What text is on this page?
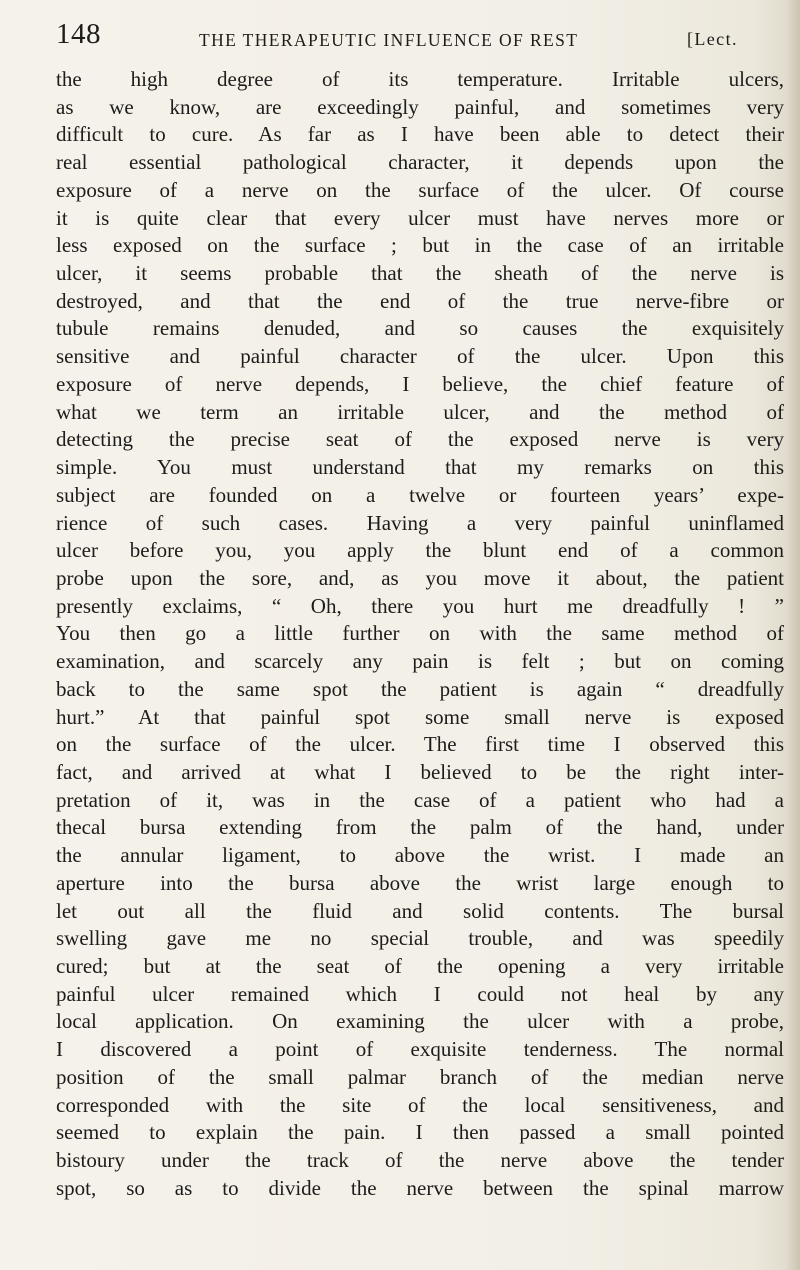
148	THE THERAPEUTIC INFLUENCE OF REST	[Lect.
the high degree of its temperature. Irritable ulcers,
as we know, are exceedingly painful, and sometimes very
difficult to cure. As far as I have been able to detect their
real essential pathological character, it depends upon the
exposure of a nerve on the surface of the ulcer. Of course
it is quite clear that every ulcer must have nerves more or
less exposed on the surface ; but in the case of an irritable
ulcer, it seems probable that the sheath of the nerve is
destroyed, and that the end of the true nerve-fibre or
tubule remains denuded, and so causes the exquisitely
sensitive and painful character of the ulcer. Upon this
exposure of nerve depends, I believe, the chief feature of
what we term an irritable ulcer, and the method of
detecting the precise seat of the exposed nerve is very
simple. You must understand that my remarks on this
subject are founded on a twelve or fourteen years’ expe-
rience of such cases. Having a very painful uninflamed
ulcer before you, you apply the blunt end of a common
probe upon the sore, and, as you move it about, the patient
presently exclaims, “ Oh, there you hurt me dreadfully ! ”
You then go a little further on with the same method of
examination, and scarcely any pain is felt ; but on coming
back to the same spot the patient is again “ dreadfully
hurt.” At that painful spot some small nerve is exposed
on the surface of the ulcer. The first time I observed this
fact, and arrived at what I believed to be the right inter-
pretation of it, was in the case of a patient who had a
thecal bursa extending from the palm of the hand, under
the annular ligament, to above the wrist. I made an
aperture into the bursa above the wrist large enough to
let out all the fluid and solid contents. The bursal
swelling gave me no special trouble, and was speedily
cured; but at the seat of the opening a very irritable
painful ulcer remained which I could not heal by any
local application. On examining the ulcer with a probe,
I discovered a point of exquisite tenderness. The normal
position of the small palmar branch of the median nerve
corresponded with the site of the local sensitiveness, and
seemed to explain the pain. I then passed a small pointed
bistoury under the track of the nerve above the tender
spot, so as to divide the nerve between the spinal marrow
